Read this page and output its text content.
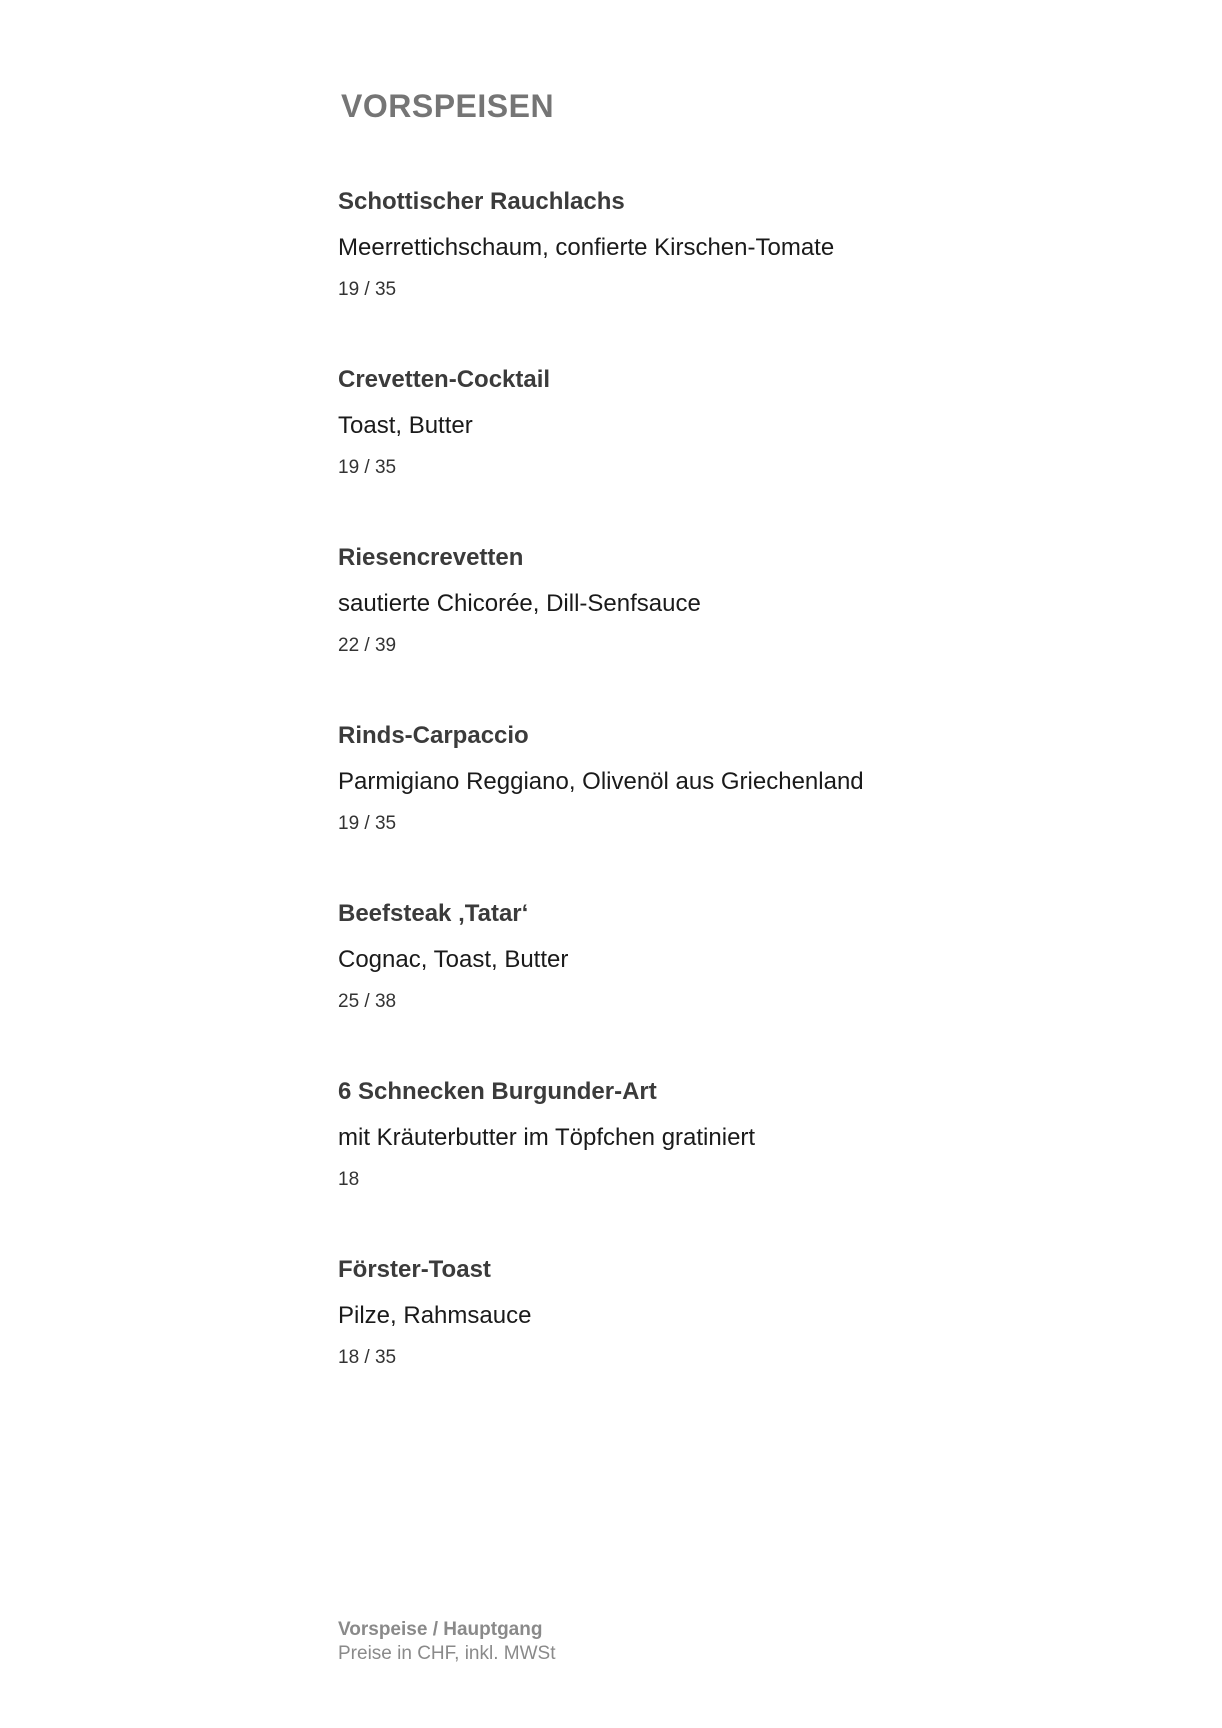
VORSPEISEN
Schottischer Rauchlachs
Meerrettichschaum, confierte Kirschen-Tomate
19 / 35
Crevetten-Cocktail
Toast, Butter
19 / 35
Riesencrevetten
sautierte Chicorée, Dill-Senfsauce
22 / 39
Rinds-Carpaccio
Parmigiano Reggiano, Olivenöl aus Griechenland
19 / 35
Beefsteak ‚Tatar‘
Cognac, Toast, Butter
25 / 38
6 Schnecken Burgunder-Art
mit Kräuterbutter im Töpfchen gratiniert
18
Förster-Toast
Pilze, Rahmsauce
18 / 35
Vorspeise / Hauptgang
Preise in CHF, inkl. MWSt
